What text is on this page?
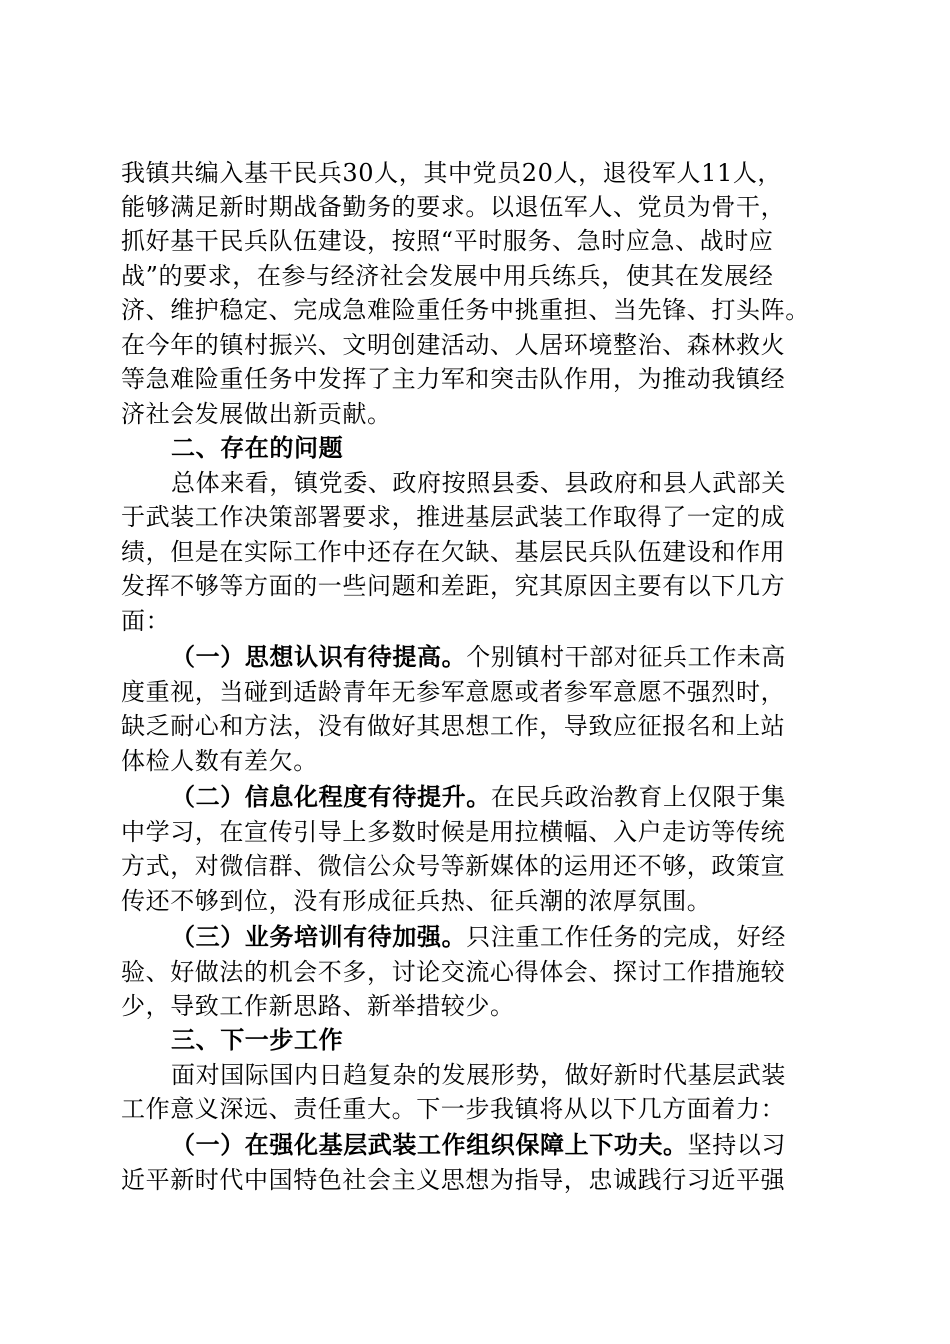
我镇共编入基干民兵30人，其中党员20人，退役军人11人，
能够满足新时期战备勤务的要求。以退伍军人、党员为骨干，
抓好基干民兵队伍建设，按照“平时服务、急时应急、战时应
战”的要求，在参与经济社会发展中用兵练兵，使其在发展经
济、维护稳定、完成急难险重任务中挑重担、当先锋、打头阵。
在今年的镇村振兴、文明创建活动、人居环境整治、森林救火
等急难险重任务中发挥了主力军和突击队作用，为推动我镇经
济社会发展做出新贡献。
二、存在的问题
总体来看，镇党委、政府按照县委、县政府和县人武部关
于武装工作决策部署要求，推进基层武装工作取得了一定的成
绩，但是在实际工作中还存在欠缺、基层民兵队伍建设和作用
发挥不够等方面的一些问题和差距，究其原因主要有以下几方
面：
（一）思想认识有待提高。个别镇村干部对征兵工作未高
度重视，当碰到适龄青年无参军意愿或者参军意愿不强烈时，
缺乏耐心和方法，没有做好其思想工作，导致应征报名和上站
体检人数有差欠。
（二）信息化程度有待提升。在民兵政治教育上仅限于集
中学习，在宣传引导上多数时候是用拉横幅、入户走访等传统
方式，对微信群、微信公众号等新媒体的运用还不够，政策宣
传还不够到位，没有形成征兵热、征兵潮的浓厚氛围。
（三）业务培训有待加强。只注重工作任务的完成，好经
验、好做法的机会不多，讨论交流心得体会、探讨工作措施较
少，导致工作新思路、新举措较少。
三、下一步工作
面对国际国内日趋复杂的发展形势，做好新时代基层武装
工作意义深远、责任重大。下一步我镇将从以下几方面着力：
（一）在强化基层武装工作组织保障上下功夫。坚持以习
近平新时代中国特色社会主义思想为指导，忠诚践行习近平强
